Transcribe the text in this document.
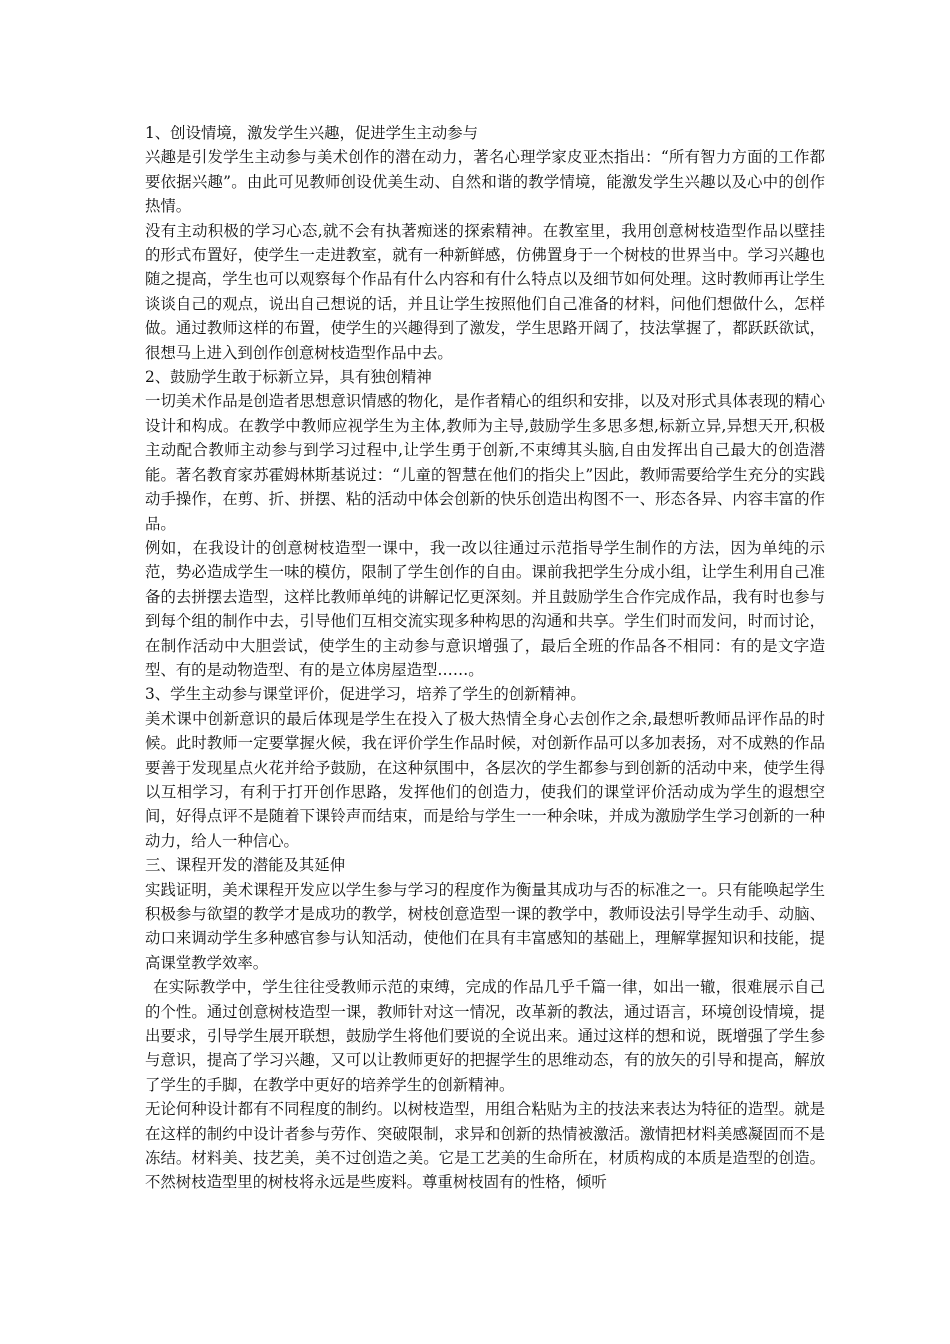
1、创设情境，激发学生兴趣，促进学生主动参与

兴趣是引发学生主动参与美术创作的潜在动力，著名心理学家皮亚杰指出：“所有智力方面的工作都要依据兴趣”。由此可见教师创设优美生动、自然和谐的教学情境，能激发学生兴趣以及心中的创作热情。

没有主动积极的学习心态,就不会有执著痴迷的探索精神。在教室里，我用创意树枝造型作品以壁挂的形式布置好，使学生一走进教室，就有一种新鲜感，仿佛置身于一个树枝的世界当中。学习兴趣也随之提高，学生也可以观察每个作品有什么内容和有什么特点以及细节如何处理。这时教师再让学生谈谈自己的观点，说出自己想说的话，并且让学生按照他们自己准备的材料，问他们想做什么，怎样做。通过教师这样的布置，使学生的兴趣得到了激发，学生思路开阔了，技法掌握了，都跃跃欲试，很想马上进入到创作创意树枝造型作品中去。

2、鼓励学生敢于标新立异，具有独创精神

一切美术作品是创造者思想意识情感的物化，是作者精心的组织和安排，以及对形式具体表现的精心设计和构成。在教学中教师应视学生为主体,教师为主导,鼓励学生多思多想,标新立异,异想天开,积极主动配合教师主动参与到学习过程中,让学生勇于创新,不束缚其头脑,自由发挥出自己最大的创造潜能。著名教育家苏霍姆林斯基说过：“儿童的智慧在他们的指尖上”因此，教师需要给学生充分的实践动手操作，在剪、折、拼摆、粘的活动中体会创新的快乐创造出构图不一、形态各异、内容丰富的作品。

例如，在我设计的创意树枝造型一课中，我一改以往通过示范指导学生制作的方法，因为单纯的示范，势必造成学生一味的模仿，限制了学生创作的自由。课前我把学生分成小组，让学生利用自己准备的去拼摆去造型，这样比教师单纯的讲解记忆更深刻。并且鼓励学生合作完成作品，我有时也参与到每个组的制作中去，引导他们互相交流实现多种构思的沟通和共享。学生们时而发问，时而讨论，在制作活动中大胆尝试，使学生的主动参与意识增强了，最后全班的作品各不相同：有的是文字造型、有的是动物造型、有的是立体房屋造型……。

3、学生主动参与课堂评价，促进学习，培养了学生的创新精神。

美术课中创新意识的最后体现是学生在投入了极大热情全身心去创作之余,最想听教师品评作品的时候。此时教师一定要掌握火候，我在评价学生作品时候，对创新作品可以多加表扬，对不成熟的作品要善于发现星点火花并给予鼓励，在这种氛围中，各层次的学生都参与到创新的活动中来，使学生得以互相学习，有利于打开创作思路，发挥他们的创造力，使我们的课堂评价活动成为学生的遐想空间，好得点评不是随着下课铃声而结束，而是给与学生一一种余味，并成为激励学生学习创新的一种动力，给人一种信心。

三、课程开发的潜能及其延伸

实践证明，美术课程开发应以学生参与学习的程度作为衡量其成功与否的标准之一。只有能唤起学生积极参与欲望的教学才是成功的教学，树枝创意造型一课的教学中，教师设法引导学生动手、动脑、动口来调动学生多种感官参与认知活动，使他们在具有丰富感知的基础上，理解掌握知识和技能，提高课堂教学效率。

在实际教学中，学生往往受教师示范的束缚，完成的作品几乎千篇一律，如出一辙，很难展示自己的个性。通过创意树枝造型一课，教师针对这一情况，改革新的教法，通过语言，环境创设情境，提出要求，引导学生展开联想，鼓励学生将他们要说的全说出来。通过这样的想和说，既增强了学生参与意识，提高了学习兴趣，又可以让教师更好的把握学生的思维动态，有的放矢的引导和提高，解放了学生的手脚，在教学中更好的培养学生的创新精神。

无论何种设计都有不同程度的制约。以树枝造型，用组合粘贴为主的技法来表达为特征的造型。就是在这样的制约中设计者参与劳作、突破限制，求异和创新的热情被激活。激情把材料美感凝固而不是冻结。材料美、技艺美，美不过创造之美。它是工艺美的生命所在，材质构成的本质是造型的创造。不然树枝造型里的树枝将永远是些废料。尊重树枝固有的性格，倾听
